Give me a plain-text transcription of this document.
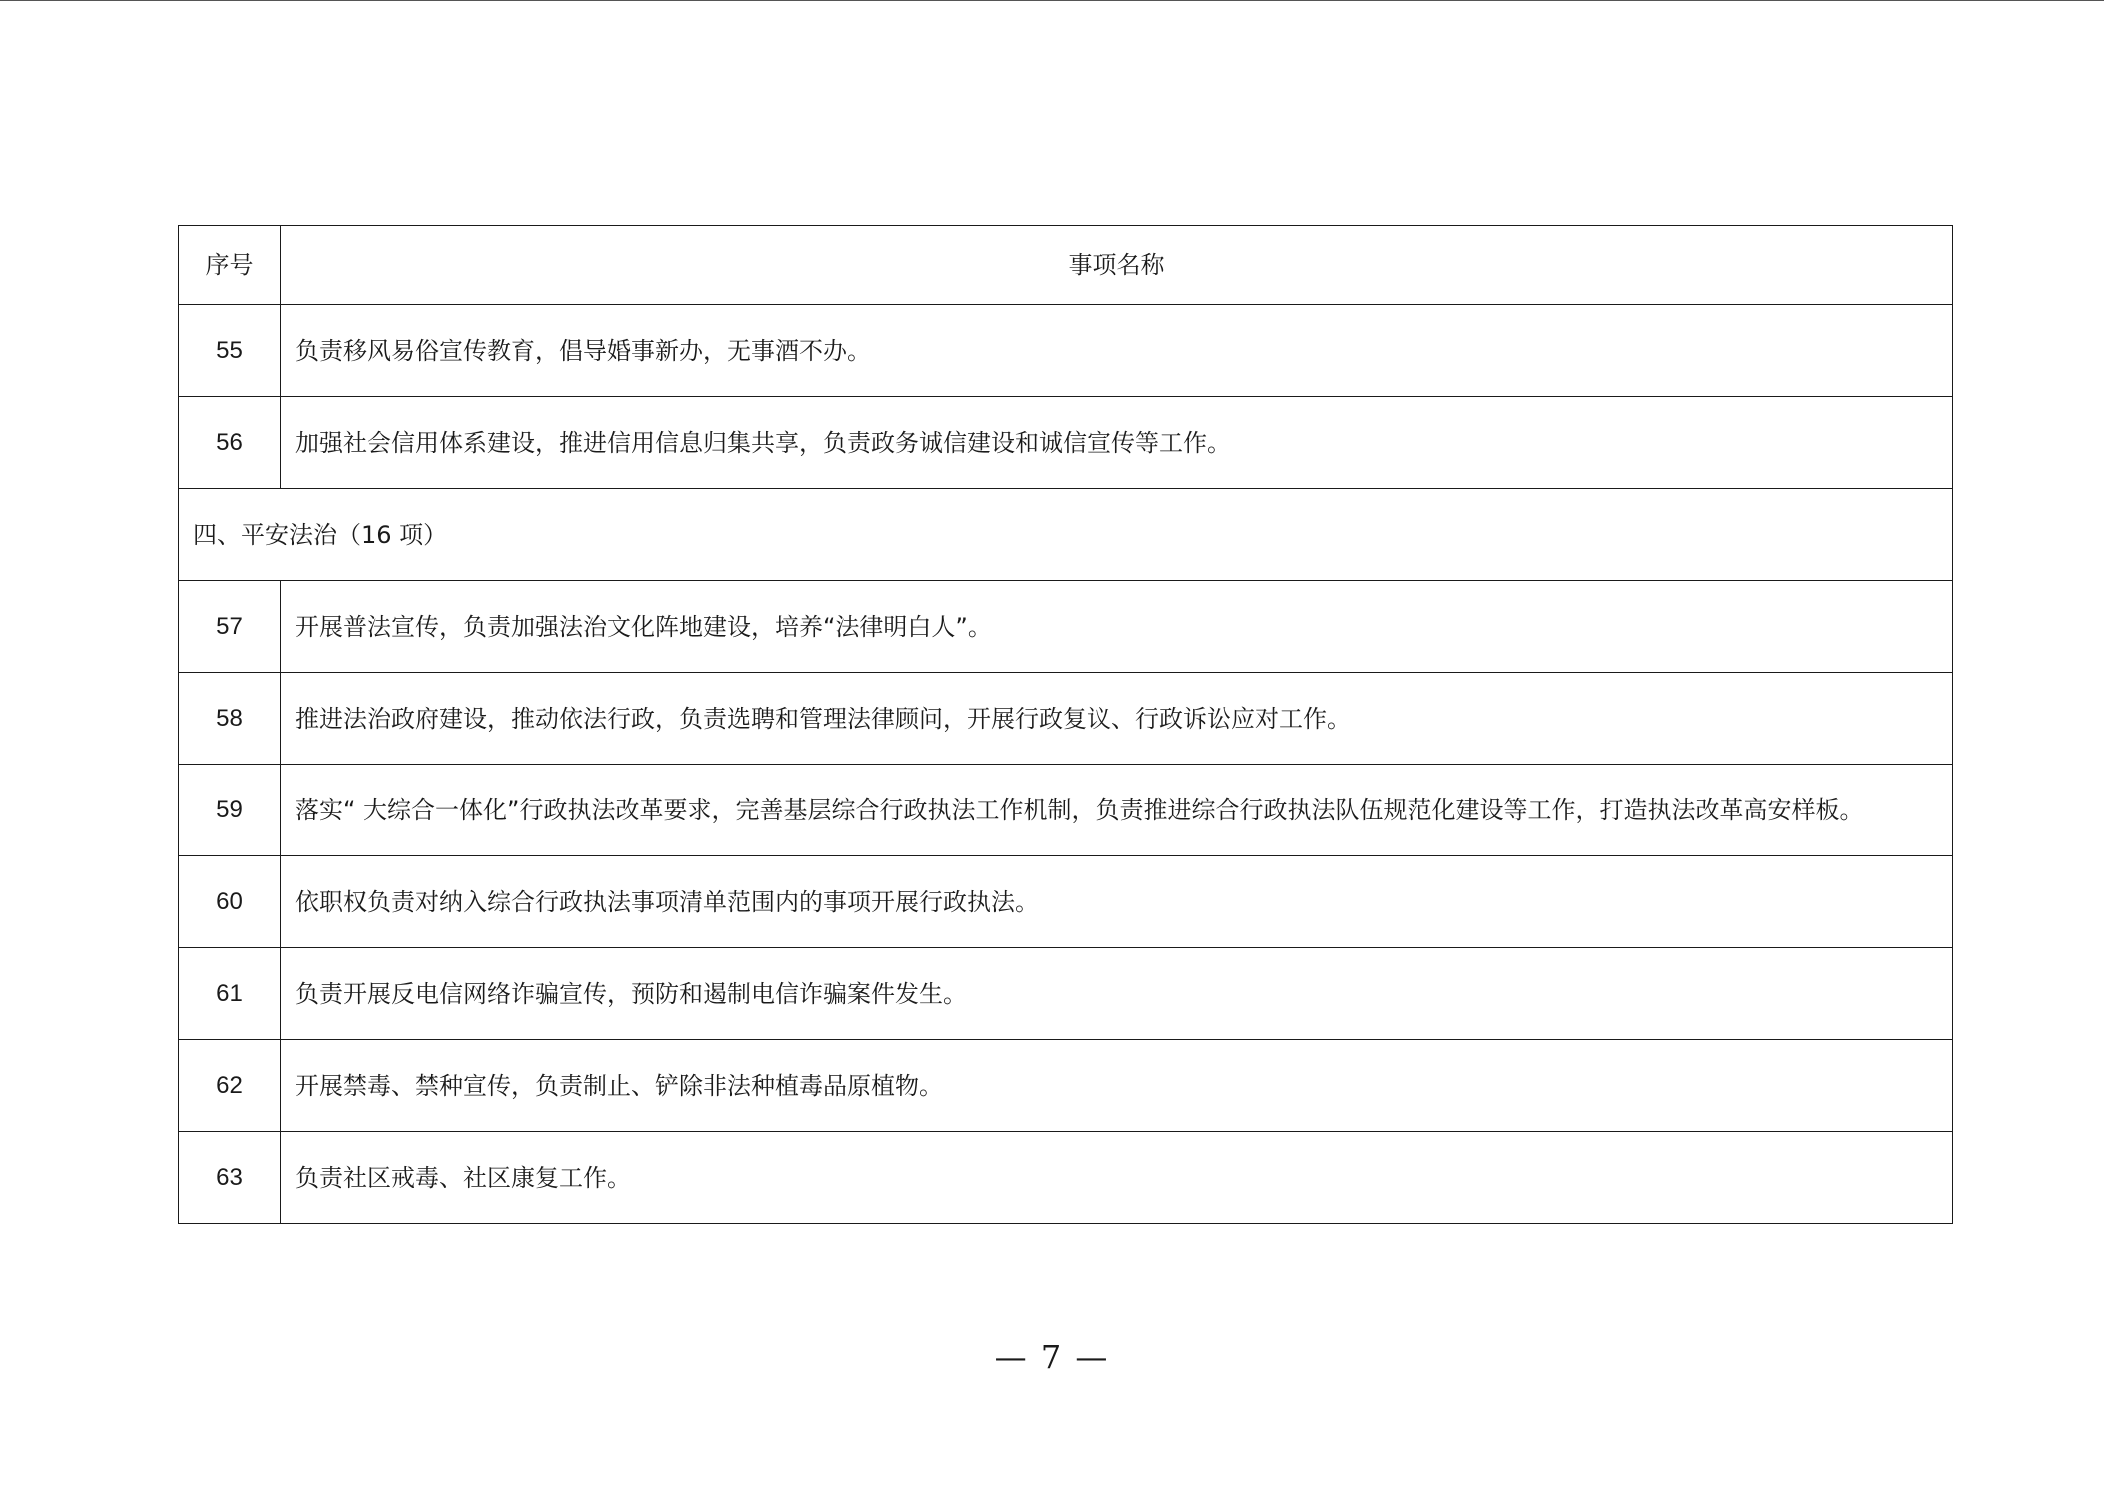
序号	事项名称
55	负责移风易俗宣传教育，倡导婚事新办，无事酒不办。
56	加强社会信用体系建设，推进信用信息归集共享，负责政务诚信建设和诚信宣传等工作。
四、平安法治（16 项）	
57	开展普法宣传，负责加强法治文化阵地建设，培养“法律明白人”。
58	推进法治政府建设，推动依法行政，负责选聘和管理法律顾问，开展行政复议、行政诉讼应对工作。
59	落实“ 大综合一体化”行政执法改革要求，完善基层综合行政执法工作机制，负责推进综合行政执法队伍规范化建设等工作，打造执法改革高安样板。
60	依职权负责对纳入综合行政执法事项清单范围内的事项开展行政执法。
61	负责开展反电信网络诈骗宣传，预防和遏制电信诈骗案件发生。
62	开展禁毒、禁种宣传，负责制止、铲除非法种植毒品原植物。
63	负责社区戒毒、社区康复工作。
— 7 —
